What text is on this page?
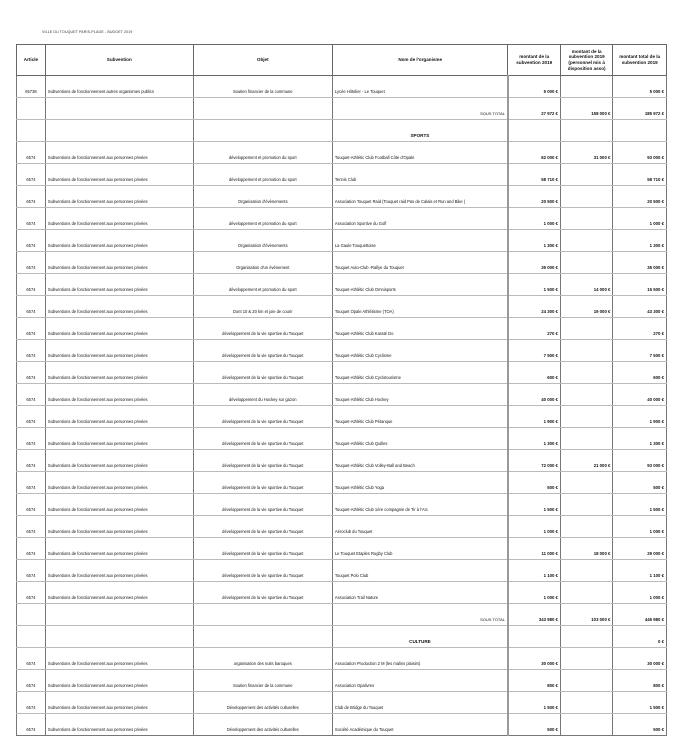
VILLE DU TOUQUET PARIS-PLAGE - BUDGET 2019
Article	Subvention	Objet	Nom de l'organisme	montant de la subvention 2019	montant de la subvention 2019 (personnel mis à disposition asso)	montant total de la subvention 2019
65738	Subventions de fonctionnement autres organismes publics	Soutien financier de la commune	Lycée Hôtelier - Le Touquet	5 000 €		5 000 €
			SOUS TOTAL	27 972 €	158 000 €	185 972 €
			SPORTS			
6574	Subventions de fonctionnement aux personnes privées	développement et promotion du sport	Touquet-Athlétic Club Football Côte d'Opale	62 000 €	31 000 €	93 000 €
6574	Subventions de fonctionnement aux personnes privées	développement et promotion du sport	Tennis Club	58 710 €		58 710 €
6574	Subventions de fonctionnement aux personnes privées	Organisation d'évènements	Association Touquet Raid (Touquet raid Pas de Calais et Run and Bike )	20 500 €		20 500 €
6574	Subventions de fonctionnement aux personnes privées	développement et promotion du sport	Association Sportive du Golf	1 000 €		1 000 €
6574	Subventions de fonctionnement aux personnes privées	Organisation d'évènements	La Gaule Touquettoise	1 300 €		1 300 €
6574	Subventions de fonctionnement aux personnes privées	Organisation d'un évènement	Touquet Auto-Club -Rallye du Touquet	35 000 €		35 000 €
6574	Subventions de fonctionnement aux personnes privées	développement et promotion du sport	Touquet-Athlétic Club Omnisports	1 500 €	14 000 €	15 500 €
6574	Subventions de fonctionnement aux personnes privées	Dont 10 & 20 km et joie de courir	Touquet Opale Athlétisme (TOA)	24 300 €	19 000 €	43 300 €
6574	Subventions de fonctionnement aux personnes privées	développement de la vie sportive du Touquet	Touquet-Athlétic Club Karaté Do	270 €		270 €
6574	Subventions de fonctionnement aux personnes privées	développement de la vie sportive du Touquet	Touquet-Athlétic Club Cyclisme	7 500 €		7 500 €
6574	Subventions de fonctionnement aux personnes privées	développement de la vie sportive du Touquet	Touquet-Athlétic Club Cyclotourisme	600 €		600 €
6574	Subventions de fonctionnement aux personnes privées	développement du Hockey sur gazon	Touquet-Athlétic Club Hockey	40 000 €		40 000 €
6574	Subventions de fonctionnement aux personnes privées	développement de la vie sportive du Touquet	Touquet-Athlétic Club Pétanque	1 900 €		1 900 €
6574	Subventions de fonctionnement aux personnes privées	développement de la vie sportive du Touquet	Touquet-Athlétic Club Quilles	1 300 €		1 300 €
6574	Subventions de fonctionnement aux personnes privées	développement de la vie sportive du Touquet	Touquet-Athlétic Club Volley-Ball and Beach	72 000 €	21 000 €	93 000 €
6574	Subventions de fonctionnement aux personnes privées	développement de la vie sportive du Touquet	Touquet-Athlétic Club Yoga	500 €		500 €
6574	Subventions de fonctionnement aux personnes privées	développement de la vie sportive du Touquet	Touquet-Athlétic Club 1ère compagnie de Tir à l'Arc	1 500 €		1 500 €
6574	Subventions de fonctionnement aux personnes privées	développement de la vie sportive du Touquet	Aéroclub du Touquet	1 000 €		1 000 €
6574	Subventions de fonctionnement aux personnes privées	développement de la vie sportive du Touquet	Le Touquet Etaples Rugby Club	11 000 €	18 000 €	29 000 €
6574	Subventions de fonctionnement aux personnes privées	développement de la vie sportive du Touquet	Touquet Polo Club	1 100 €		1 100 €
6574	Subventions de fonctionnement aux personnes privées	développement de la vie sportive du Touquet	Association Trail Nature	1 000 €		1 000 €
			SOUS TOTAL	343 980 €	103 000 €	446 980 €
			CULTURE			0 €
6574	Subventions de fonctionnement aux personnes privées	organisation des nuits baroques	Association Production 2 M (les malins plaisirs)	30 000 €		30 000 €
6574	Subventions de fonctionnement aux personnes privées	Soutien financier de la commune	Association Opalivres	800 €		800 €
6574	Subventions de fonctionnement aux personnes privées	Développement des activités culturelles	Club de Bridge du Touquet	1 500 €		1 500 €
6574	Subventions de fonctionnement aux personnes privées	Développement des activités culturelles	Société Académique du Touquet	500 €		500 €
